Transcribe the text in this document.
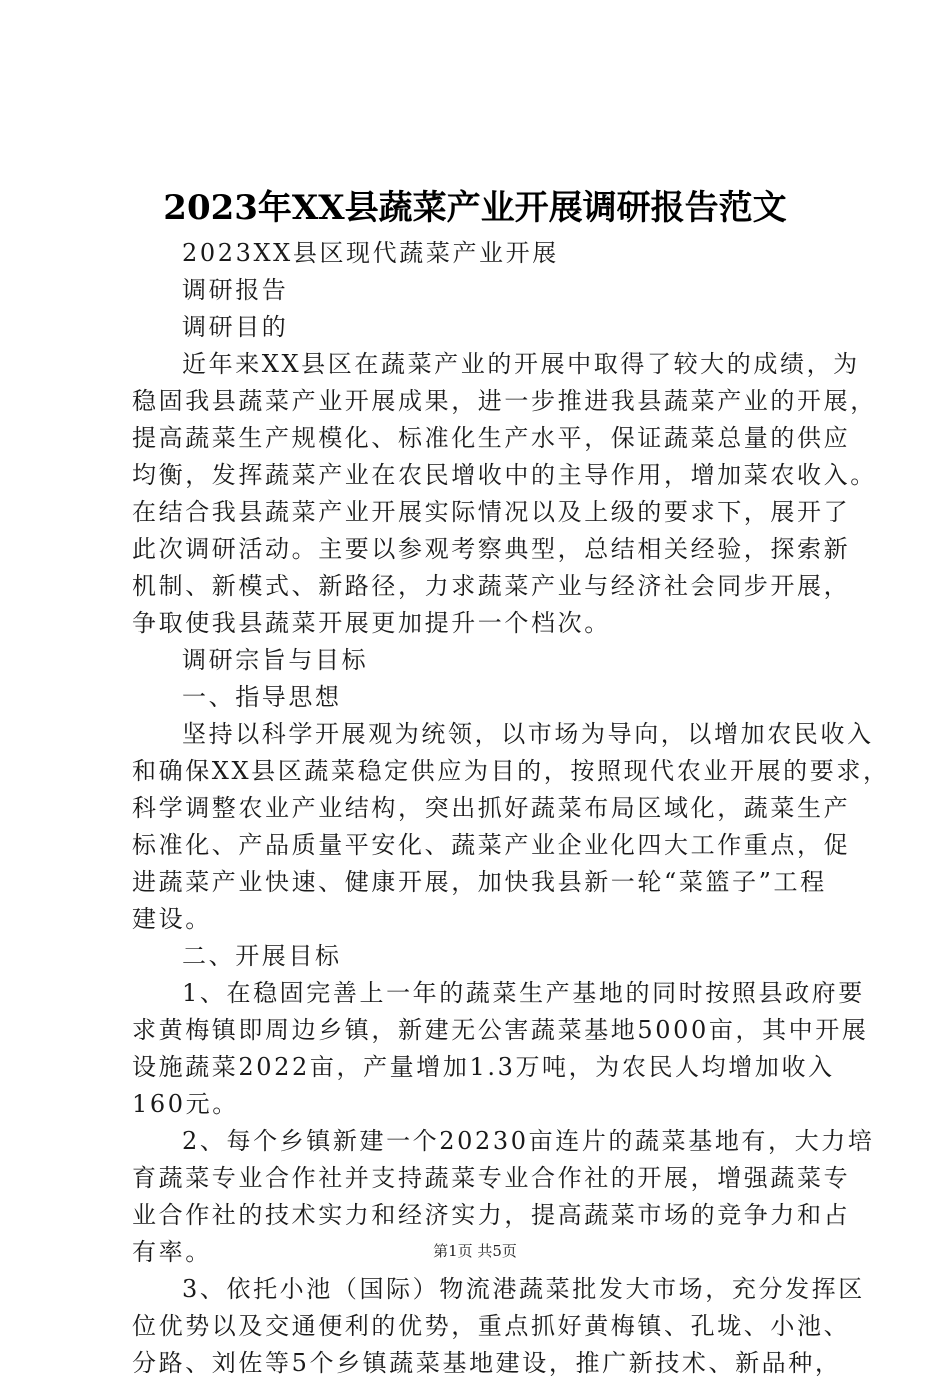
2023年XX县蔬菜产业开展调研报告范文
2023XX县区现代蔬菜产业开展
调研报告
调研目的
近年来XX县区在蔬菜产业的开展中取得了较大的成绩，为
稳固我县蔬菜产业开展成果，进一步推进我县蔬菜产业的开展，
提高蔬菜生产规模化、标准化生产水平，保证蔬菜总量的供应
均衡，发挥蔬菜产业在农民增收中的主导作用，增加菜农收入。
在结合我县蔬菜产业开展实际情况以及上级的要求下，展开了
此次调研活动。主要以参观考察典型，总结相关经验，探索新
机制、新模式、新路径，力求蔬菜产业与经济社会同步开展，
争取使我县蔬菜开展更加提升一个档次。
调研宗旨与目标
一、指导思想
坚持以科学开展观为统领，以市场为导向，以增加农民收入
和确保XX县区蔬菜稳定供应为目的，按照现代农业开展的要求，
科学调整农业产业结构，突出抓好蔬菜布局区域化，蔬菜生产
标准化、产品质量平安化、蔬菜产业企业化四大工作重点，促
进蔬菜产业快速、健康开展，加快我县新一轮“菜篮子”工程
建设。
二、开展目标
1、在稳固完善上一年的蔬菜生产基地的同时按照县政府要
求黄梅镇即周边乡镇，新建无公害蔬菜基地5000亩，其中开展
设施蔬菜2022亩，产量增加1.3万吨，为农民人均增加收入
160元。
2、每个乡镇新建一个20230亩连片的蔬菜基地有，大力培
育蔬菜专业合作社并支持蔬菜专业合作社的开展，增强蔬菜专
业合作社的技术实力和经济实力，提高蔬菜市场的竞争力和占
有率。
3、依托小池（国际）物流港蔬菜批发大市场，充分发挥区
位优势以及交通便利的优势，重点抓好黄梅镇、孔垅、小池、
分路、刘佐等5个乡镇蔬菜基地建设，推广新技术、新品种，
第1页 共5页
